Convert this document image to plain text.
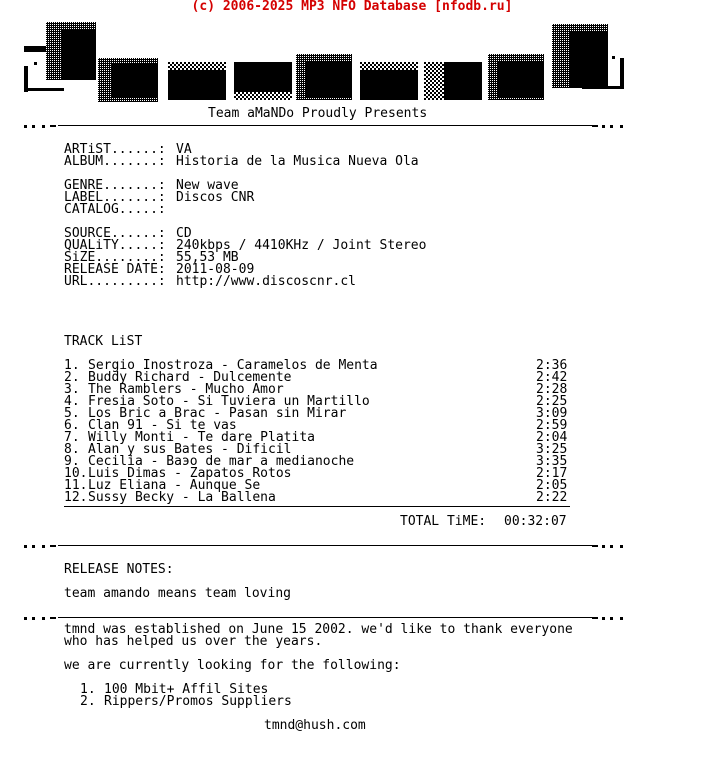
(c) 2006-2025 MP3 NFO Database [nfodb.ru]
Team aMaNDo Proudly Presents
ARTiST......: VA
ALBUM.......: Historia de la Musica Nueva Ola
GENRE.......: New wave
LABEL.......: Discos CNR
CATALOG.....:
SOURCE......: CD
QUALiTY.....: 240kbps / 4410KHz / Joint Stereo
SiZE........: 55,53 MB
RELEASE DATE: 2011-08-09
URL.........: http://www.discoscnr.cl
TRACK LiST
1. Sergio Inostroza - Caramelos de Menta	2:36
2. Buddy Richard - Dulcemente	2:42
3. The Ramblers - Mucho Amor	2:28
4. Fresia Soto - Si Tuviera un Martillo	2:25
5. Los Bric a Brac - Pasan sin Mirar	3:09
6. Clan 91 - Si te vas	2:59
7. Willy Monti - Te dare Platita	2:04
8. Alan y sus Bates - Dificil	3:25
9. Cecilia - Baэo de mar a medianoche	3:35
10. Luis Dimas - Zapatos Rotos	2:17
11. Luz Eliana - Aunque Se	2:05
12. Sussy Becky - La Ballena	2:22
TOTAL TiME: 00:32:07
RELEASE NOTES:
team amando means team loving
tmnd was established on June 15 2002. we'd like to thank everyone
who has helped us over the years.
we are currently looking for the following:
1. 100 Mbit+ Affil Sites
2. Rippers/Promos Suppliers
tmnd@hush.com
